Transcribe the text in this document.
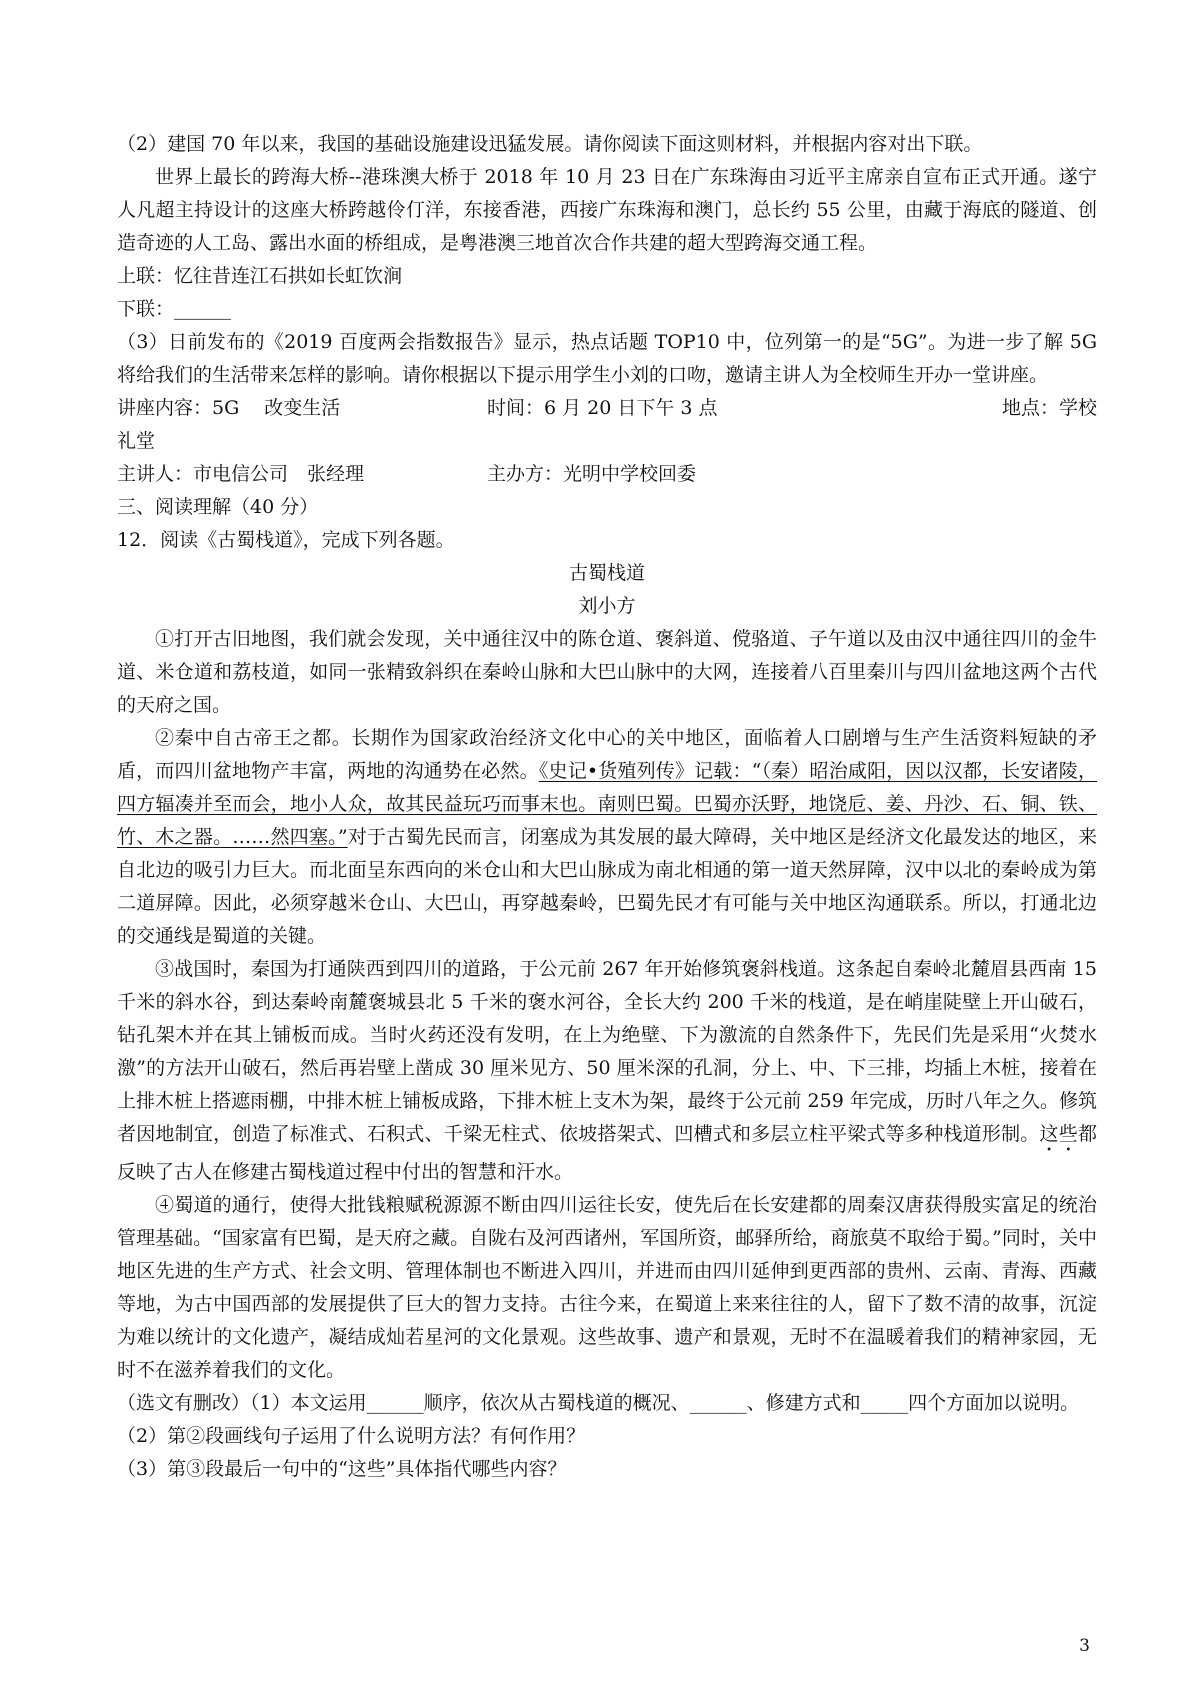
（2）建国 70 年以来，我国的基础设施建设迅猛发展。请你阅读下面这则材料，并根据内容对出下联。

世界上最长的跨海大桥--港珠澳大桥于 2018 年 10 月 23 日在广东珠海由习近平主席亲自宣布正式开通。遂宁人凡超主持设计的这座大桥跨越伶仃洋，东接香港，西接广东珠海和澳门，总长约 55 公里，由藏于海底的隧道、创造奇迹的人工岛、露出水面的桥组成，是粤港澳三地首次合作共建的超大型跨海交通工程。

上联：忆往昔连江石拱如长虹饮涧

下联：______

（3）日前发布的《2019 百度两会指数报告》显示，热点话题 TOP10 中，位列第一的是“5G”。为进一步了解 5G 将给我们的生活带来怎样的影响。请你根据以下提示用学生小刘的口吻，邀请主讲人为全校师生开办一堂讲座。

讲座内容：5G　 改变生活	时间：6 月 20 日下午 3 点	地点：学校

礼堂

主讲人：市电信公司　张经理	主办方：光明中学校回委

三、阅读理解（40 分）

12．阅读《古蜀栈道》，完成下列各题。

古蜀栈道

刘小方

①打开古旧地图，我们就会发现，关中通往汉中的陈仓道、褒斜道、傥骆道、子午道以及由汉中通往四川的金牛道、米仓道和荔枝道，如同一张精致斜织在秦岭山脉和大巴山脉中的大网，连接着八百里秦川与四川盆地这两个古代的天府之国。

②秦中自古帝王之都。长期作为国家政治经济文化中心的关中地区，面临着人口剧增与生产生活资料短缺的矛盾，而四川盆地物产丰富，两地的沟通势在必然。《史记•货殖列传》记载：“（秦）昭治咸阳，因以汉都，长安诸陵，四方辐凑并至而会，地小人众，故其民益玩巧而事末也。南则巴蜀。巴蜀亦沃野，地饶卮、姜、丹沙、石、铜、铁、竹、木之器。……然四塞。”对于古蜀先民而言，闭塞成为其发展的最大障碍，关中地区是经济文化最发达的地区，来自北边的吸引力巨大。而北面呈东西向的米仓山和大巴山脉成为南北相通的第一道天然屏障，汉中以北的秦岭成为第二道屏障。因此，必须穿越米仓山、大巴山，再穿越秦岭，巴蜀先民才有可能与关中地区沟通联系。所以，打通北边的交通线是蜀道的关键。

③战国时，秦国为打通陕西到四川的道路，于公元前 267 年开始修筑褒斜栈道。这条起自秦岭北麓眉县西南 15 千米的斜水谷，到达秦岭南麓褒城县北 5 千米的褒水河谷，全长大约 200 千米的栈道，是在峭崖陡壁上开山破石，钻孔架木并在其上铺板而成。当时火药还没有发明，在上为绝壁、下为激流的自然条件下，先民们先是采用“火焚水激”的方法开山破石，然后再岩壁上凿成 30 厘米见方、50 厘米深的孔洞，分上、中、下三排，均插上木桩，接着在上排木桩上搭遮雨棚，中排木桩上铺板成路，下排木桩上支木为架，最终于公元前 259 年完成，历时八年之久。修筑者因地制宜，创造了标准式、石积式、千梁无柱式、依坡搭架式、凹槽式和多层立柱平梁式等多种栈道形制。这些都反映了古人在修建古蜀栈道过程中付出的智慧和汗水。

④蜀道的通行，使得大批钱粮赋税源源不断由四川运往长安，使先后在长安建都的周秦汉唐获得殷实富足的统治管理基础。“国家富有巴蜀，是天府之藏。自陇右及河西诸州，军国所资，邮驿所给，商旅莫不取给于蜀。”同时，关中地区先进的生产方式、社会文明、管理体制也不断进入四川，并进而由四川延伸到更西部的贵州、云南、青海、西藏等地，为古中国西部的发展提供了巨大的智力支持。古往今来，在蜀道上来来往往的人，留下了数不清的故事，沉淀为难以统计的文化遗产，凝结成灿若星河的文化景观。这些故事、遗产和景观，无时不在温暖着我们的精神家园，无时不在滋养着我们的文化。

（选文有删改）（1）本文运用______顺序，依次从古蜀栈道的概况、______、修建方式和_____四个方面加以说明。

（2）第②段画线句子运用了什么说明方法？有何作用？

（3）第③段最后一句中的“这些”具体指代哪些内容？

3
